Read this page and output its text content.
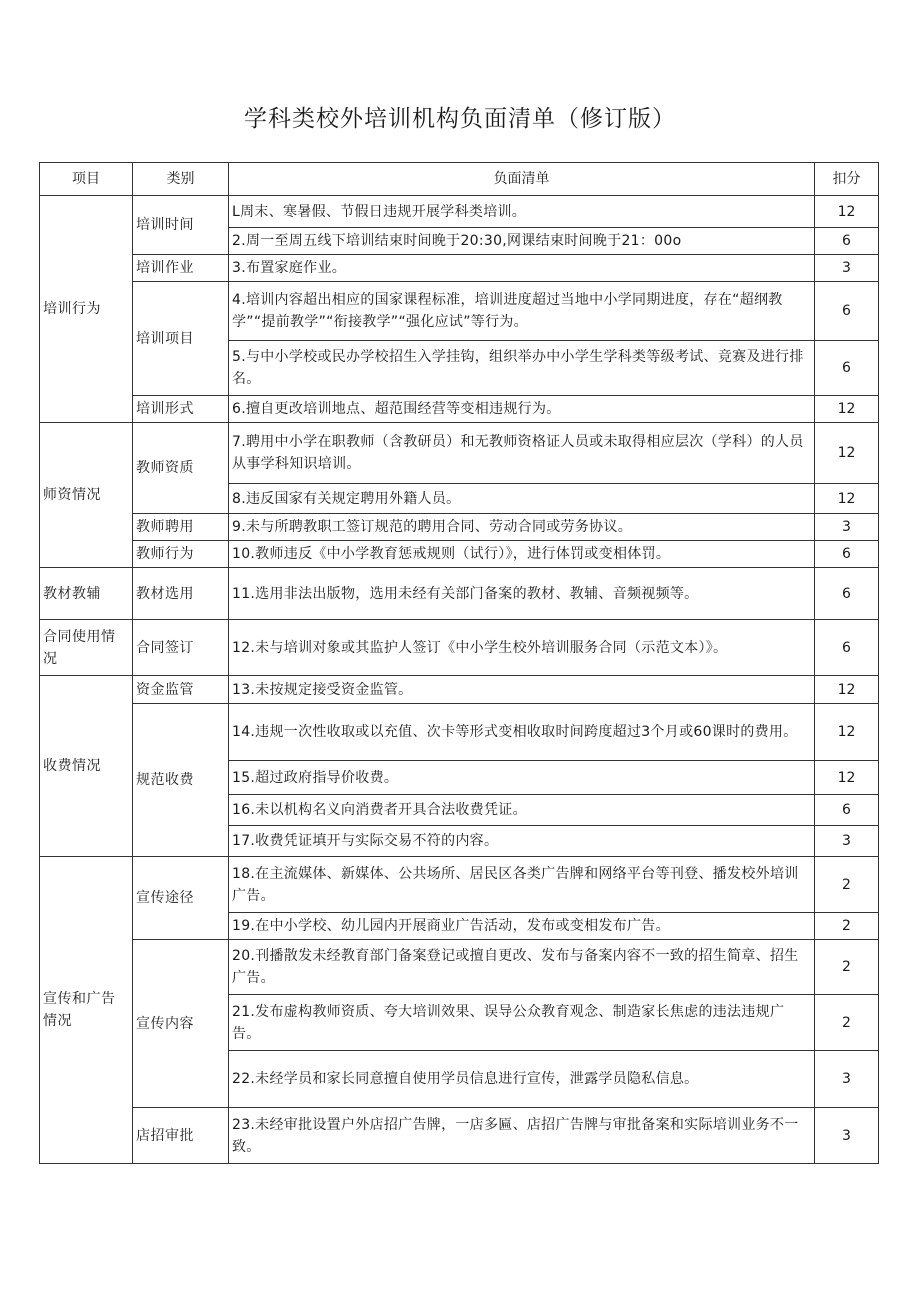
学科类校外培训机构负面清单（修订版）
项目	类别	负面清单	扣分
培训行为	培训时间	L周末、寒暑假、节假日违规开展学科类培训。	12
		2.周一至周五线下培训结束时间晚于20:30,网课结束时间晚于21：00o	6
	培训作业	3.布置家庭作业。	3
	培训项目	4.培训内容超出相应的国家课程标准，培训进度超过当地中小学同期进度，存在“超纲教学”“提前教学”“衔接教学”“强化应试”等行为。	6
		5.与中小学校或民办学校招生入学挂钩，组织举办中小学生学科类等级考试、竞赛及进行排名。	6
	培训形式	6.擅自更改培训地点、超范围经营等变相违规行为。	12
师资情况	教师资质	7.聘用中小学在职教师（含教研员）和无教师资格证人员或未取得相应层次（学科）的人员从事学科知识培训。	12
		8.违反国家有关规定聘用外籍人员。	12
	教师聘用	9.未与所聘教职工签订规范的聘用合同、劳动合同或劳务协议。	3
	教师行为	10.教师违反《中小学教育惩戒规则（试行）》，进行体罚或变相体罚。	6
教材教辅	教材选用	11.选用非法出版物，选用未经有关部门备案的教材、教辅、音频视频等。	6
合同使用情况	合同签订	12.未与培训对象或其监护人签订《中小学生校外培训服务合同（示范文本）》。	6
收费情况	资金监管	13.未按规定接受资金监管。	12
	规范收费	14.违规一次性收取或以充值、次卡等形式变相收取时间跨度超过3个月或60课时的费用。	12
		15.超过政府指导价收费。	12
		16.未以机构名义向消费者开具合法收费凭证。	6
		17.收费凭证填开与实际交易不符的内容。	3
宣传和广告情况	宣传途径	18.在主流媒体、新媒体、公共场所、居民区各类广告牌和网络平台等刊登、播发校外培训广告。	2
		19.在中小学校、幼儿园内开展商业广告活动，发布或变相发布广告。	2
	宣传内容	20.刊播散发未经教育部门备案登记或擅自更改、发布与备案内容不一致的招生简章、招生广告。	2
		21.发布虚构教师资质、夸大培训效果、误导公众教育观念、制造家长焦虑的违法违规广告。	2
		22.未经学员和家长同意擅自使用学员信息进行宣传，泄露学员隐私信息。	3
	店招审批	23.未经审批设置户外店招广告牌，一店多匾、店招广告牌与审批备案和实际培训业务不一致。	3
